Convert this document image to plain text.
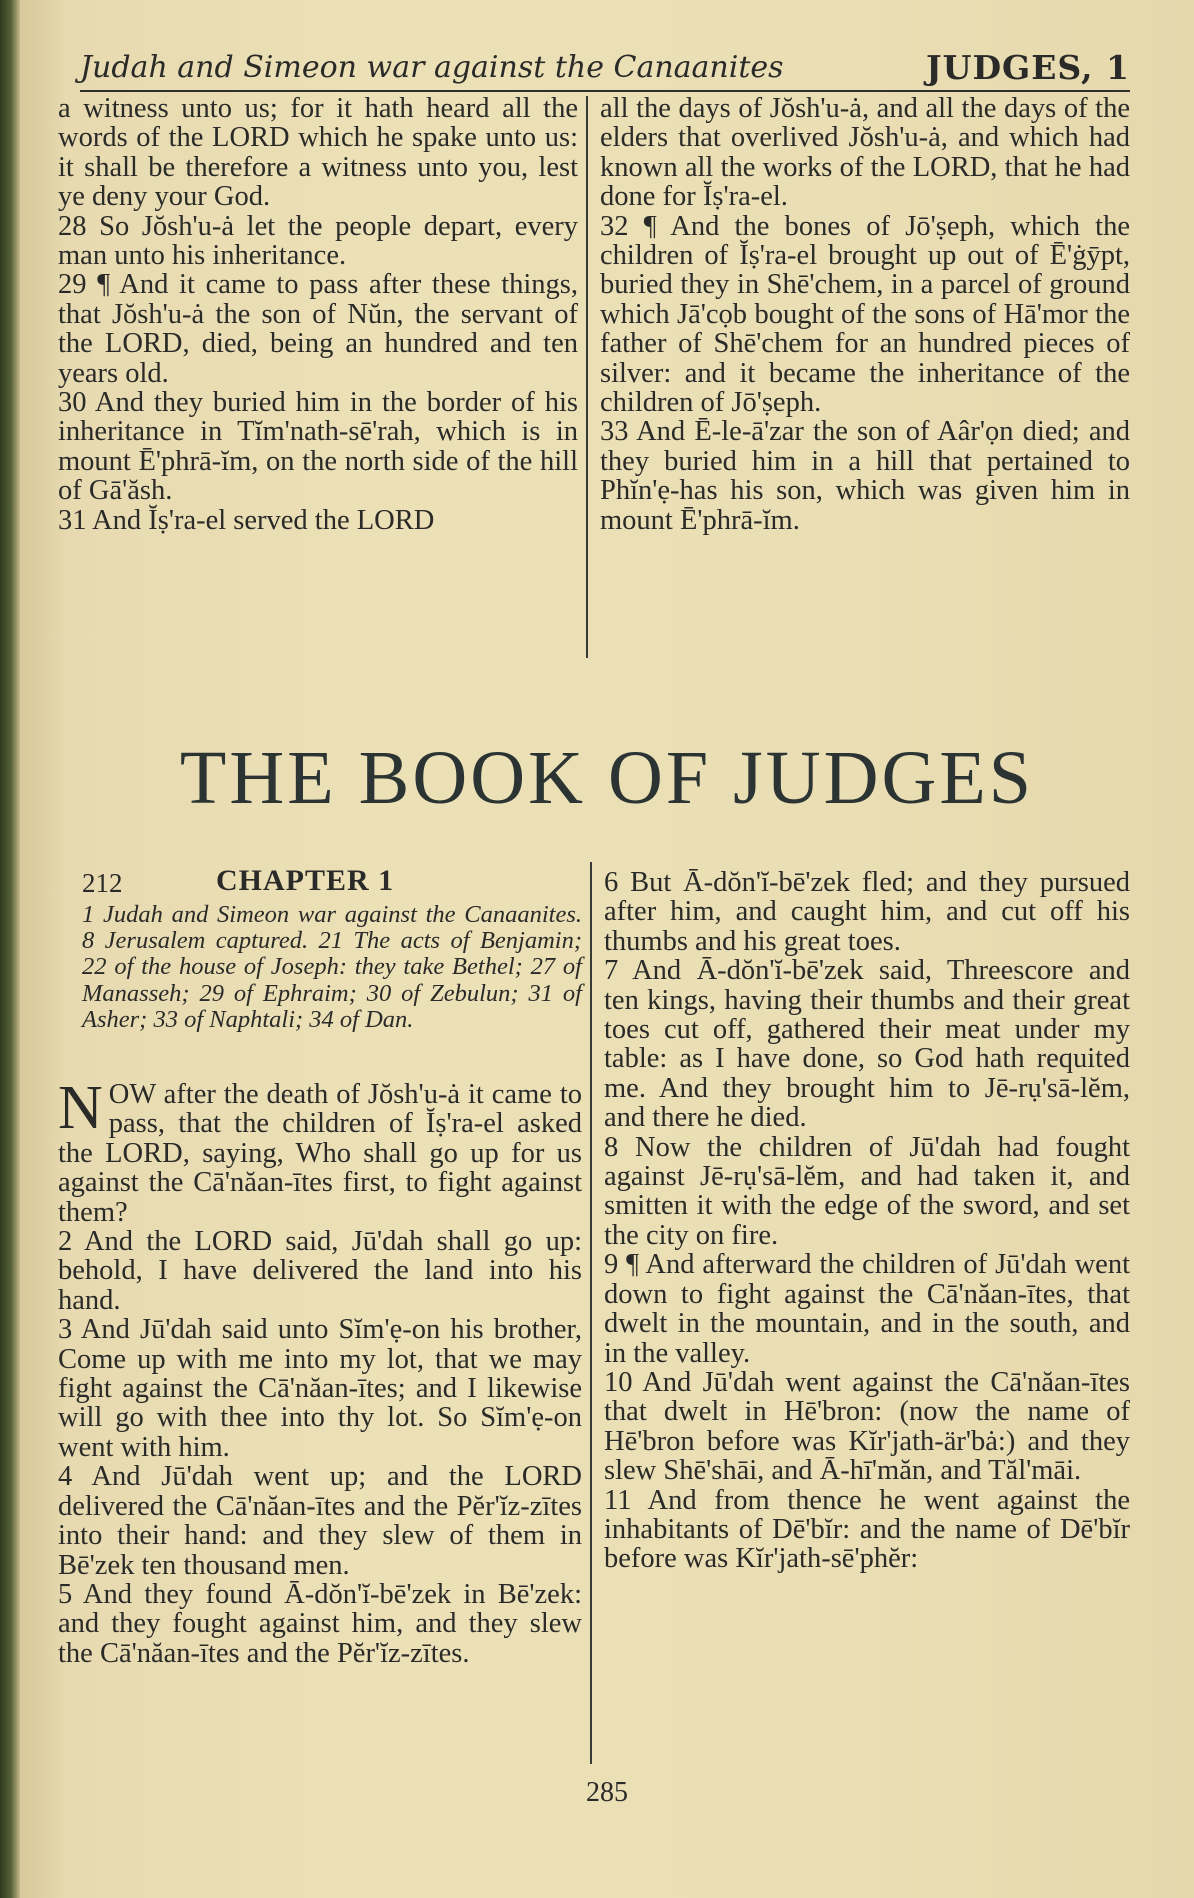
Judah and Simeon war against the Canaanites	JUDGES, 1

a witness unto us; for it hath heard all the words of the LORD which he spake unto us: it shall be therefore a witness unto you, lest ye deny your God.

28 So Jŏsh'u-ȧ let the people depart, every man unto his inheritance.

29 ¶ And it came to pass after these things, that Jŏsh'u-ȧ the son of Nŭn, the servant of the LORD, died, being an hundred and ten years old.

30 And they buried him in the border of his inheritance in Tĭm'nath-sē'rah, which is in mount Ē'phrā-ĭm, on the north side of the hill of Gā'ăsh.

31 And Ĭṣ'ra-el served the LORD

all the days of Jŏsh'u-ȧ, and all the days of the elders that overlived Jŏsh'u-ȧ, and which had known all the works of the LORD, that he had done for Ĭṣ'ra-el.

32 ¶ And the bones of Jō'ṣeph, which the children of Ĭṣ'ra-el brought up out of Ē'ġȳpt, buried they in Shē'chem, in a parcel of ground which Jā'cọb bought of the sons of Hā'mor the father of Shē'chem for an hundred pieces of silver: and it became the inheritance of the children of Jō'ṣeph.

33 And Ē-le-ā'zar the son of Aâr'ọn died; and they buried him in a hill that pertained to Phĭn'ẹ-has his son, which was given him in mount Ē'phrā-ĭm.

THE BOOK OF JUDGES
212	CHAPTER 1
1 Judah and Simeon war against the Canaanites. 8 Jerusalem captured. 21 The acts of Benjamin; 22 of the house of Joseph: they take Bethel; 27 of Manasseh; 29 of Ephraim; 30 of Zebulun; 31 of Asher; 33 of Naphtali; 34 of Dan.

NOW after the death of Jŏsh'u-ȧ it came to pass, that the children of Ĭṣ'ra-el asked the LORD, saying, Who shall go up for us against the Cā'năan-ītes first, to fight against them?

2 And the LORD said, Jū'dah shall go up: behold, I have delivered the land into his hand.

3 And Jū'dah said unto Sĭm'ẹ-on his brother, Come up with me into my lot, that we may fight against the Cā'năan-ītes; and I likewise will go with thee into thy lot. So Sĭm'ẹ-on went with him.

4 And Jū'dah went up; and the LORD delivered the Cā'năan-ītes and the Pĕr'ĭz-zītes into their hand: and they slew of them in Bē'zek ten thousand men.

5 And they found Ā-dŏn'ĭ-bē'zek in Bē'zek: and they fought against him, and they slew the Cā'năan-ītes and the Pĕr'ĭz-zītes.

6 But Ā-dŏn'ĭ-bē'zek fled; and they pursued after him, and caught him, and cut off his thumbs and his great toes.

7 And Ā-dŏn'ĭ-bē'zek said, Threescore and ten kings, having their thumbs and their great toes cut off, gathered their meat under my table: as I have done, so God hath requited me. And they brought him to Jē-rụ'sā-lĕm, and there he died.

8 Now the children of Jū'dah had fought against Jē-rụ'sā-lĕm, and had taken it, and smitten it with the edge of the sword, and set the city on fire.

9 ¶ And afterward the children of Jū'dah went down to fight against the Cā'năan-ītes, that dwelt in the mountain, and in the south, and in the valley.

10 And Jū'dah went against the Cā'năan-ītes that dwelt in Hē'bron: (now the name of Hē'bron before was Kĭr'jath-är'bȧ:) and they slew Shē'shāi, and Ā-hī'măn, and Tăl'māi.

11 And from thence he went against the inhabitants of Dē'bĭr: and the name of Dē'bĭr before was Kĭr'jath-sē'phĕr:

285
